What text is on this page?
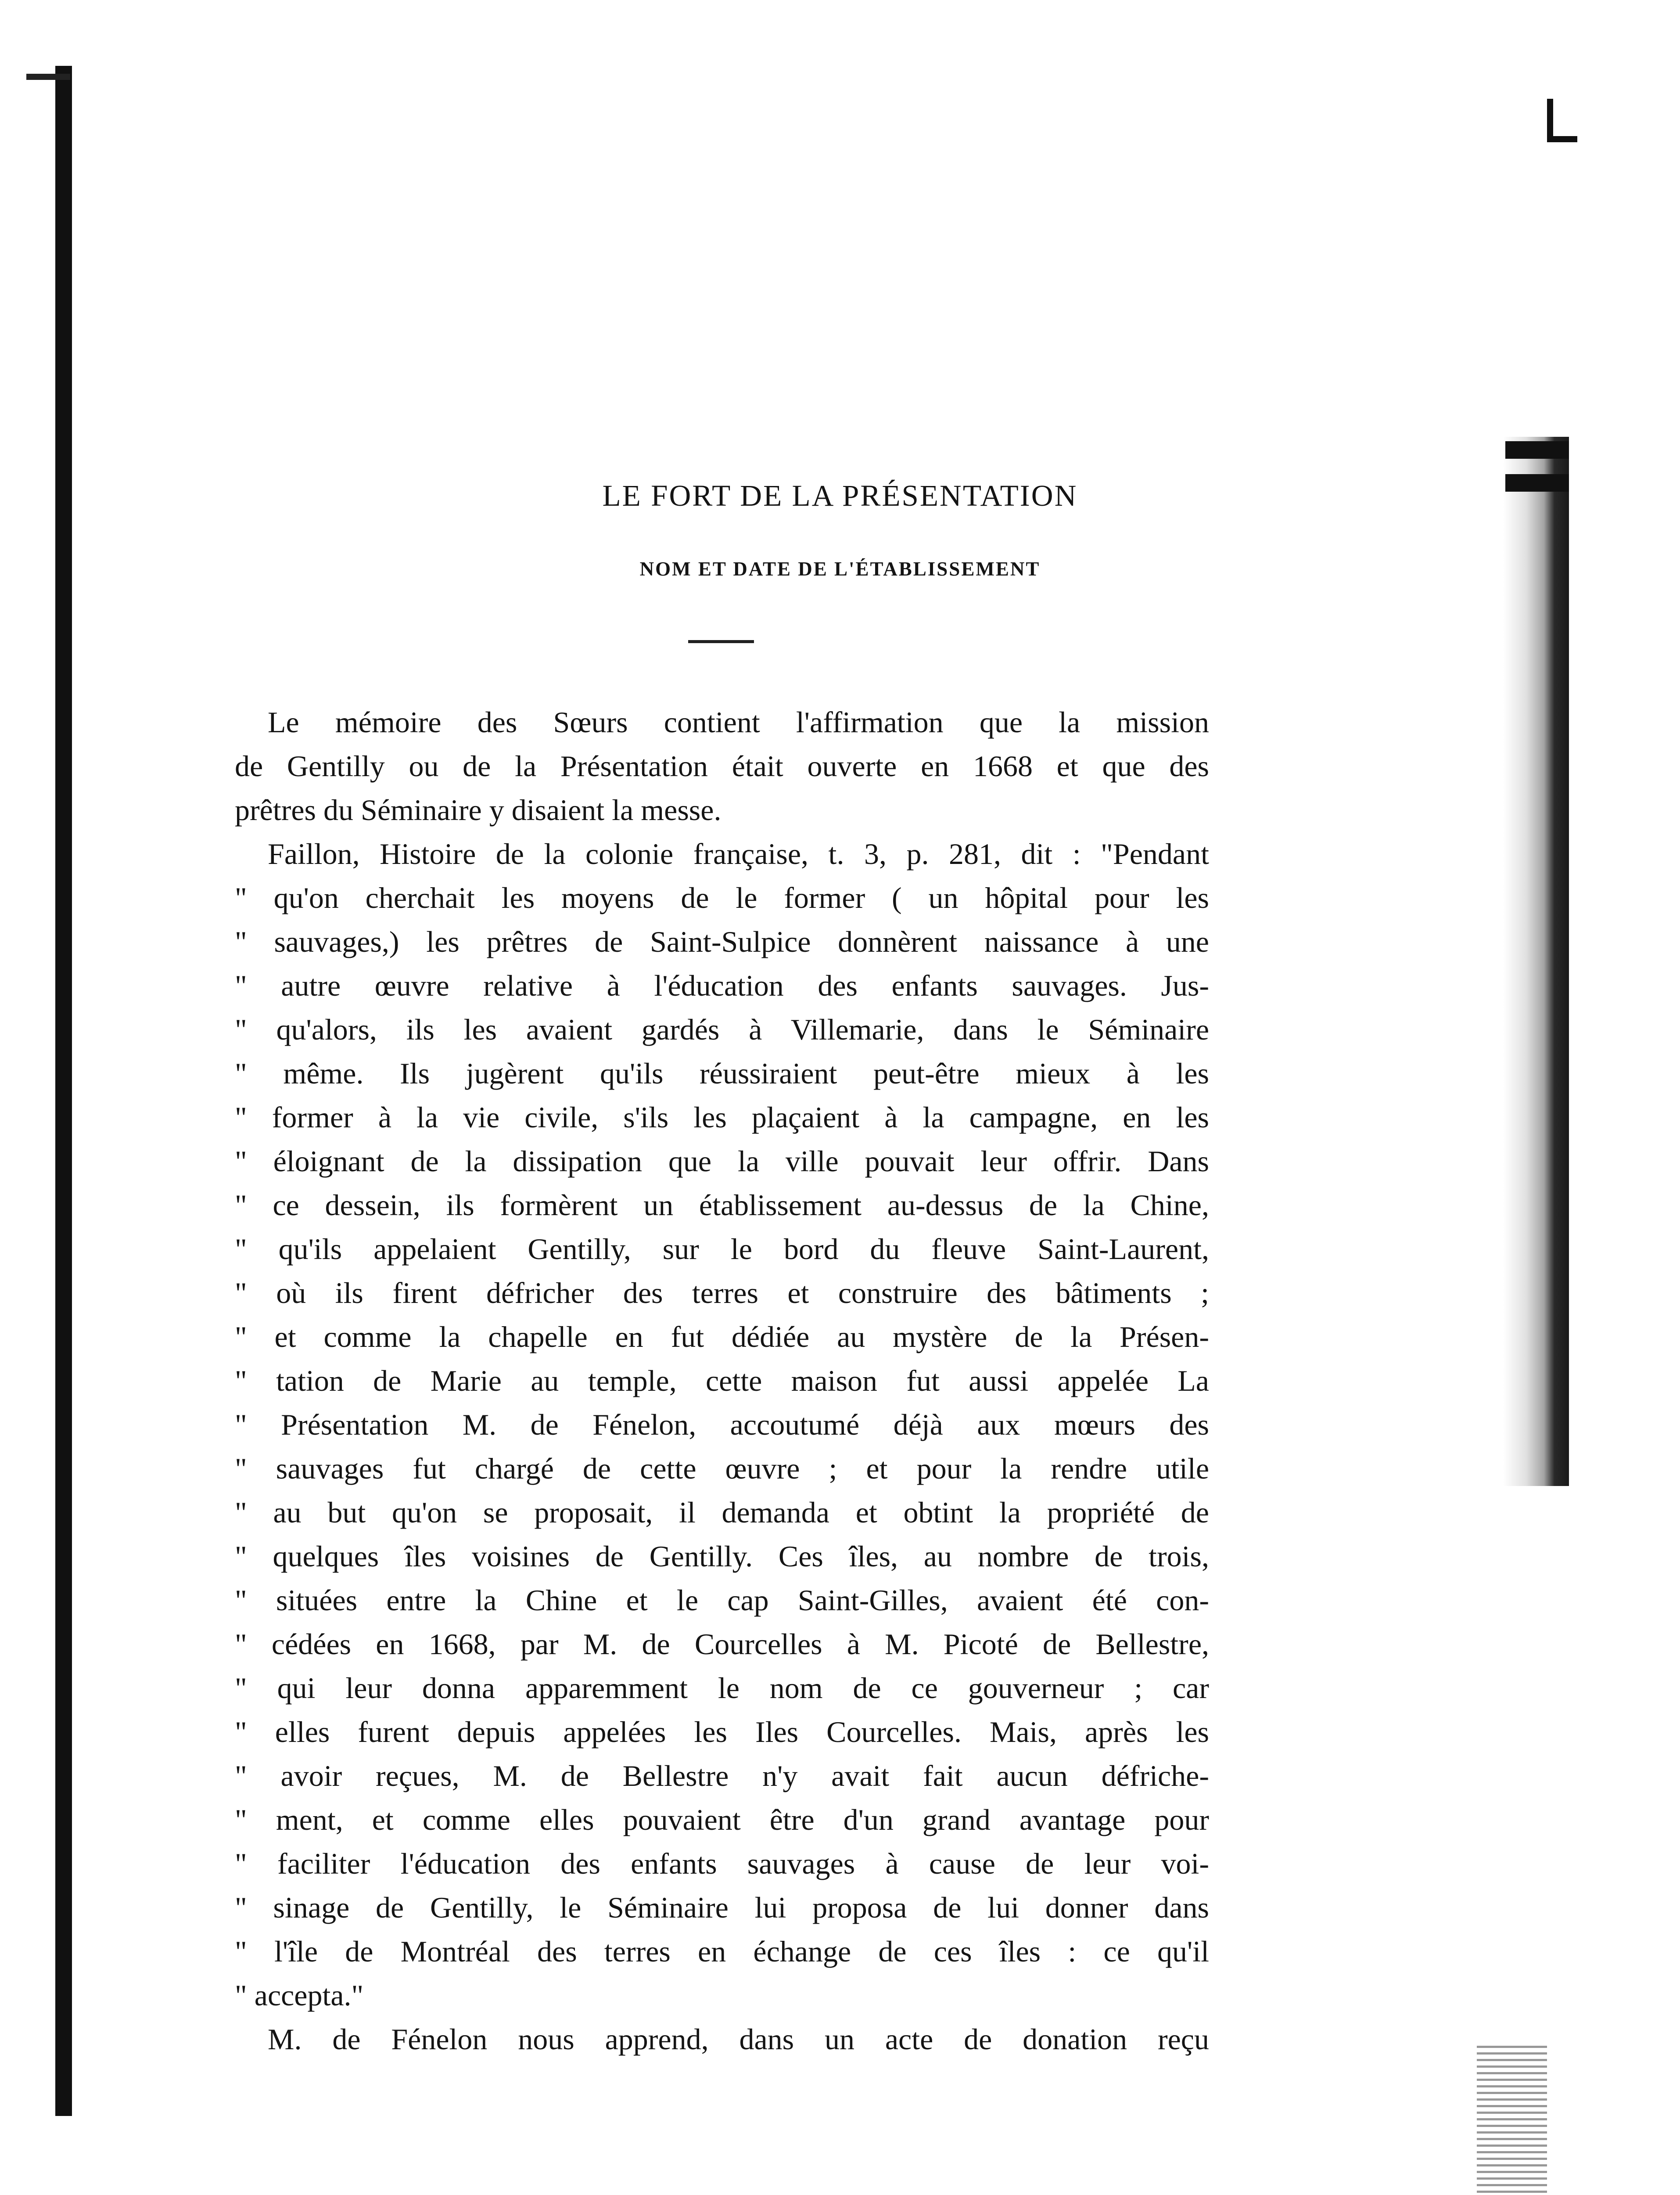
LE FORT DE LA PRÉSENTATION
NOM ET DATE DE L'ÉTABLISSEMENT
Le mémoire des Sœurs contient l'affirmation que la mission
de Gentilly ou de la Présentation était ouverte en 1668 et que des
prêtres du Séminaire y disaient la messe.
Faillon, Histoire de la colonie française, t. 3, p. 281, dit : "Pendant
" qu'on cherchait les moyens de le former ( un hôpital pour les
" sauvages,) les prêtres de Saint-Sulpice donnèrent naissance à une
" autre œuvre relative à l'éducation des enfants sauvages. Jus-
" qu'alors, ils les avaient gardés à Villemarie, dans le Séminaire
" même. Ils jugèrent qu'ils réussiraient peut-être mieux à les
" former à la vie civile, s'ils les plaçaient à la campagne, en les
" éloignant de la dissipation que la ville pouvait leur offrir. Dans
" ce dessein, ils formèrent un établissement au-dessus de la Chine,
" qu'ils appelaient Gentilly, sur le bord du fleuve Saint-Laurent,
" où ils firent défricher des terres et construire des bâtiments ;
" et comme la chapelle en fut dédiée au mystère de la Présen-
" tation de Marie au temple, cette maison fut aussi appelée La
" Présentation M. de Fénelon, accoutumé déjà aux mœurs des
" sauvages fut chargé de cette œuvre ; et pour la rendre utile
" au but qu'on se proposait, il demanda et obtint la propriété de
" quelques îles voisines de Gentilly. Ces îles, au nombre de trois,
" situées entre la Chine et le cap Saint-Gilles, avaient été con-
" cédées en 1668, par M. de Courcelles à M. Picoté de Bellestre,
" qui leur donna apparemment le nom de ce gouverneur ; car
" elles furent depuis appelées les Iles Courcelles. Mais, après les
" avoir reçues, M. de Bellestre n'y avait fait aucun défriche-
" ment, et comme elles pouvaient être d'un grand avantage pour
" faciliter l'éducation des enfants sauvages à cause de leur voi-
" sinage de Gentilly, le Séminaire lui proposa de lui donner dans
" l'île de Montréal des terres en échange de ces îles : ce qu'il
" accepta."
M. de Fénelon nous apprend, dans un acte de donation reçu
